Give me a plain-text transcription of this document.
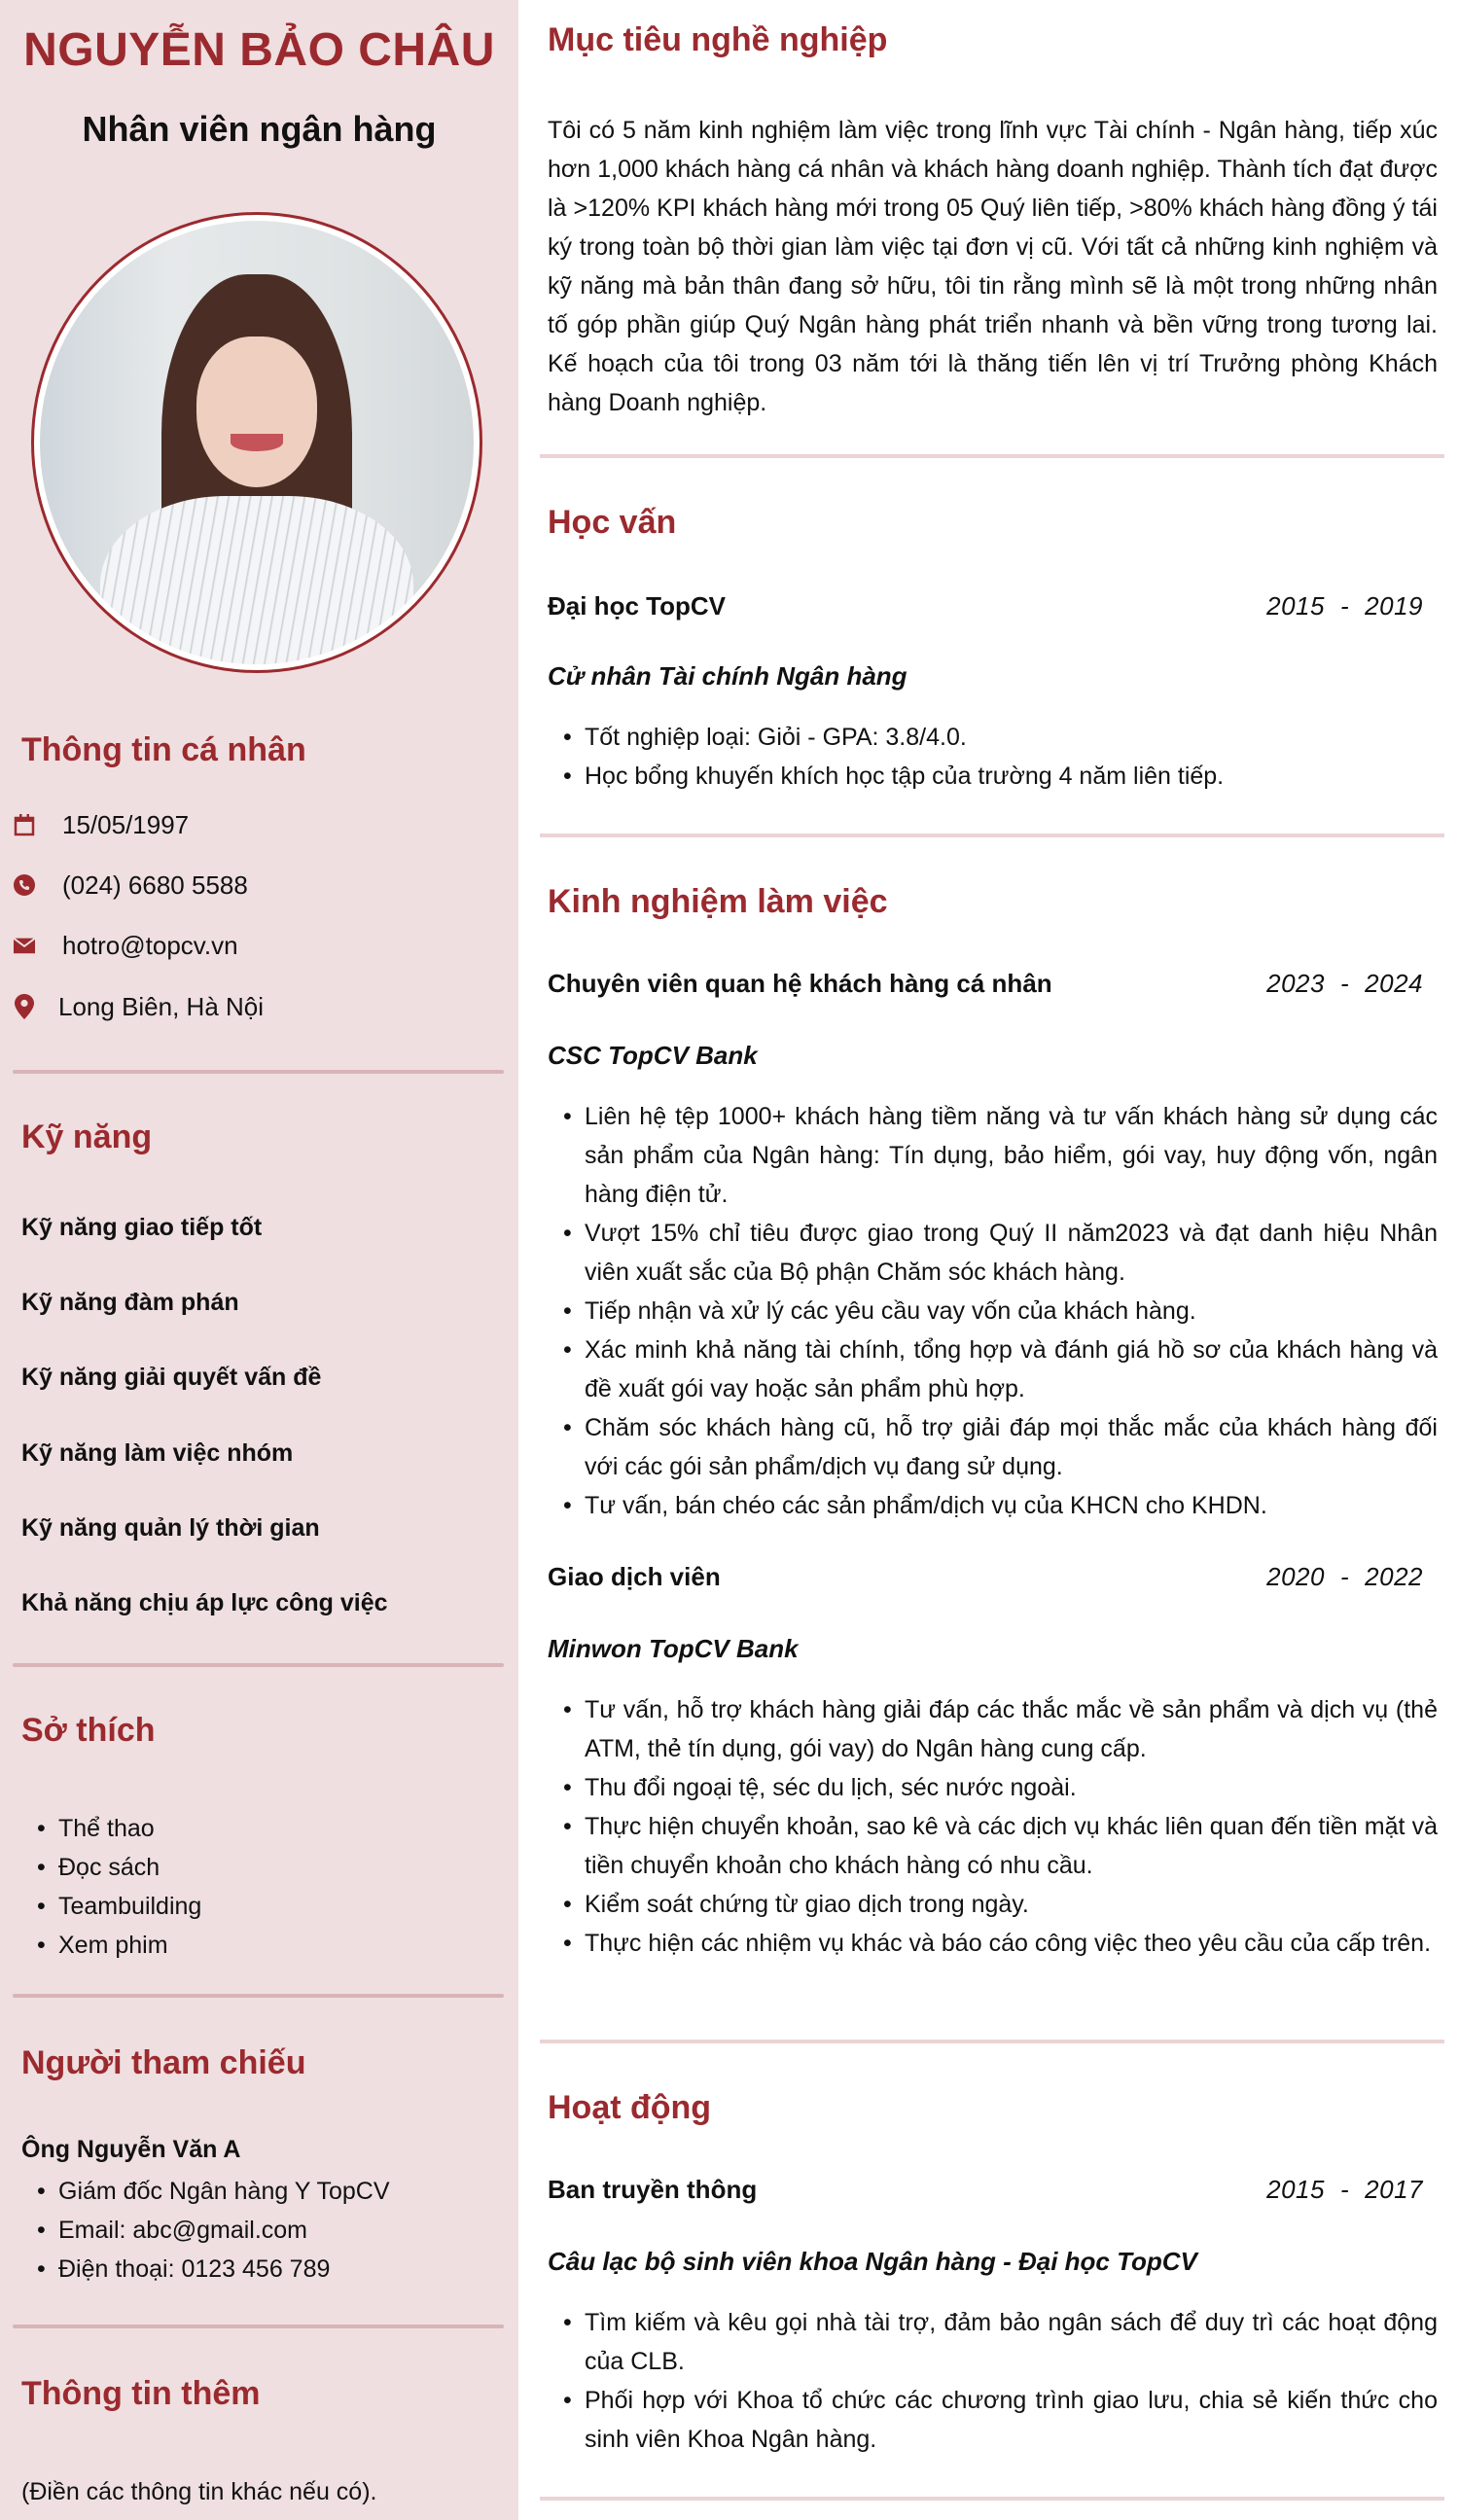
NGUYỄN BẢO CHÂU
Nhân viên ngân hàng
Thông tin cá nhân
15/05/1997
(024) 6680 5588
hotro@topcv.vn
Long Biên, Hà Nội
Kỹ năng
Kỹ năng giao tiếp tốt
Kỹ năng đàm phán
Kỹ năng giải quyết vấn đề
Kỹ năng làm việc nhóm
Kỹ năng quản lý thời gian
Khả năng chịu áp lực công việc
Sở thích
• Thể thao
• Đọc sách
• Teambuilding
• Xem phim
Người tham chiếu
Ông Nguyễn Văn A
• Giám đốc Ngân hàng Y TopCV
• Email: abc@gmail.com
• Điện thoại: 0123 456 789
Thông tin thêm
(Điền các thông tin khác nếu có).
Mục tiêu nghề nghiệp

Tôi có 5 năm kinh nghiệm làm việc trong lĩnh vực Tài chính - Ngân hàng, tiếp xúc hơn 1,000 khách hàng cá nhân và khách hàng doanh nghiệp. Thành tích đạt được là >120% KPI khách hàng mới trong 05 Quý liên tiếp, >80% khách hàng đồng ý tái ký trong toàn bộ thời gian làm việc tại đơn vị cũ. Với tất cả những kinh nghiệm và kỹ năng mà bản thân đang sở hữu, tôi tin rằng mình sẽ là một trong những nhân tố góp phần giúp Quý Ngân hàng phát triển nhanh và bền vững trong tương lai. Kế hoạch của tôi trong 03 năm tới là thăng tiến lên vị trí Trưởng phòng Khách hàng Doanh nghiệp.

Học vấn
Đại học TopCV	2015 - 2019
Cử nhân Tài chính Ngân hàng
• Tốt nghiệp loại: Giỏi - GPA: 3.8/4.0.
• Học bổng khuyến khích học tập của trường 4 năm liên tiếp.
Kinh nghiệm làm việc
Chuyên viên quan hệ khách hàng cá nhân	2023 - 2024
CSC TopCV Bank
• Liên hệ tệp 1000+ khách hàng tiềm năng và tư vấn khách hàng sử dụng các sản phẩm của Ngân hàng: Tín dụng, bảo hiểm, gói vay, huy động vốn, ngân hàng điện tử.
• Vượt 15% chỉ tiêu được giao trong Quý II năm2023 và đạt danh hiệu Nhân viên xuất sắc của Bộ phận Chăm sóc khách hàng.
• Tiếp nhận và xử lý các yêu cầu vay vốn của khách hàng.
• Xác minh khả năng tài chính, tổng hợp và đánh giá hồ sơ của khách hàng và đề xuất gói vay hoặc sản phẩm phù hợp.
• Chăm sóc khách hàng cũ, hỗ trợ giải đáp mọi thắc mắc của khách hàng đối với các gói sản phẩm/dịch vụ đang sử dụng.
• Tư vấn, bán chéo các sản phẩm/dịch vụ của KHCN cho KHDN.
Giao dịch viên	2020 - 2022
Minwon TopCV Bank
• Tư vấn, hỗ trợ khách hàng giải đáp các thắc mắc về sản phẩm và dịch vụ (thẻ ATM, thẻ tín dụng, gói vay) do Ngân hàng cung cấp.
• Thu đổi ngoại tệ, séc du lịch, séc nước ngoài.
• Thực hiện chuyển khoản, sao kê và các dịch vụ khác liên quan đến tiền mặt và tiền chuyển khoản cho khách hàng có nhu cầu.
• Kiểm soát chứng từ giao dịch trong ngày.
• Thực hiện các nhiệm vụ khác và báo cáo công việc theo yêu cầu của cấp trên.
Hoạt động
Ban truyền thông	2015 - 2017
Câu lạc bộ sinh viên khoa Ngân hàng - Đại học TopCV
• Tìm kiếm và kêu gọi nhà tài trợ, đảm bảo ngân sách để duy trì các hoạt động của CLB.
• Phối hợp với Khoa tổ chức các chương trình giao lưu, chia sẻ kiến thức cho sinh viên Khoa Ngân hàng.
